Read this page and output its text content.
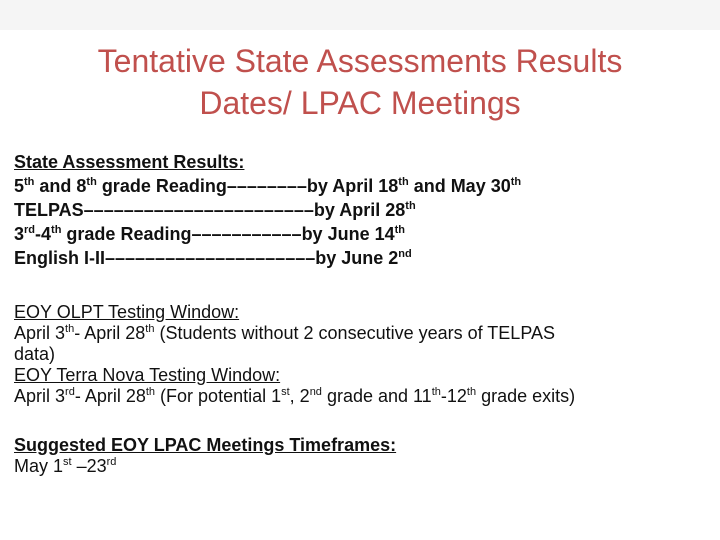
Tentative State Assessments Results
Dates/ LPAC Meetings
State Assessment Results:
5th and 8th grade Reading––––––––by April 18th and May 30th
TELPAS–––––––––––––––––––––––by April 28th
3rd-4th grade Reading–––––––––––by June 14th
English I-II–––––––––––––––––––––by June 2nd
EOY OLPT Testing Window:
April 3th- April 28th (Students without 2 consecutive years of TELPAS
data)
EOY Terra Nova Testing Window:
April 3rd- April 28th (For potential 1st, 2nd grade and 11th-12th grade exits)
Suggested EOY LPAC Meetings Timeframes:
May 1st –23rd
